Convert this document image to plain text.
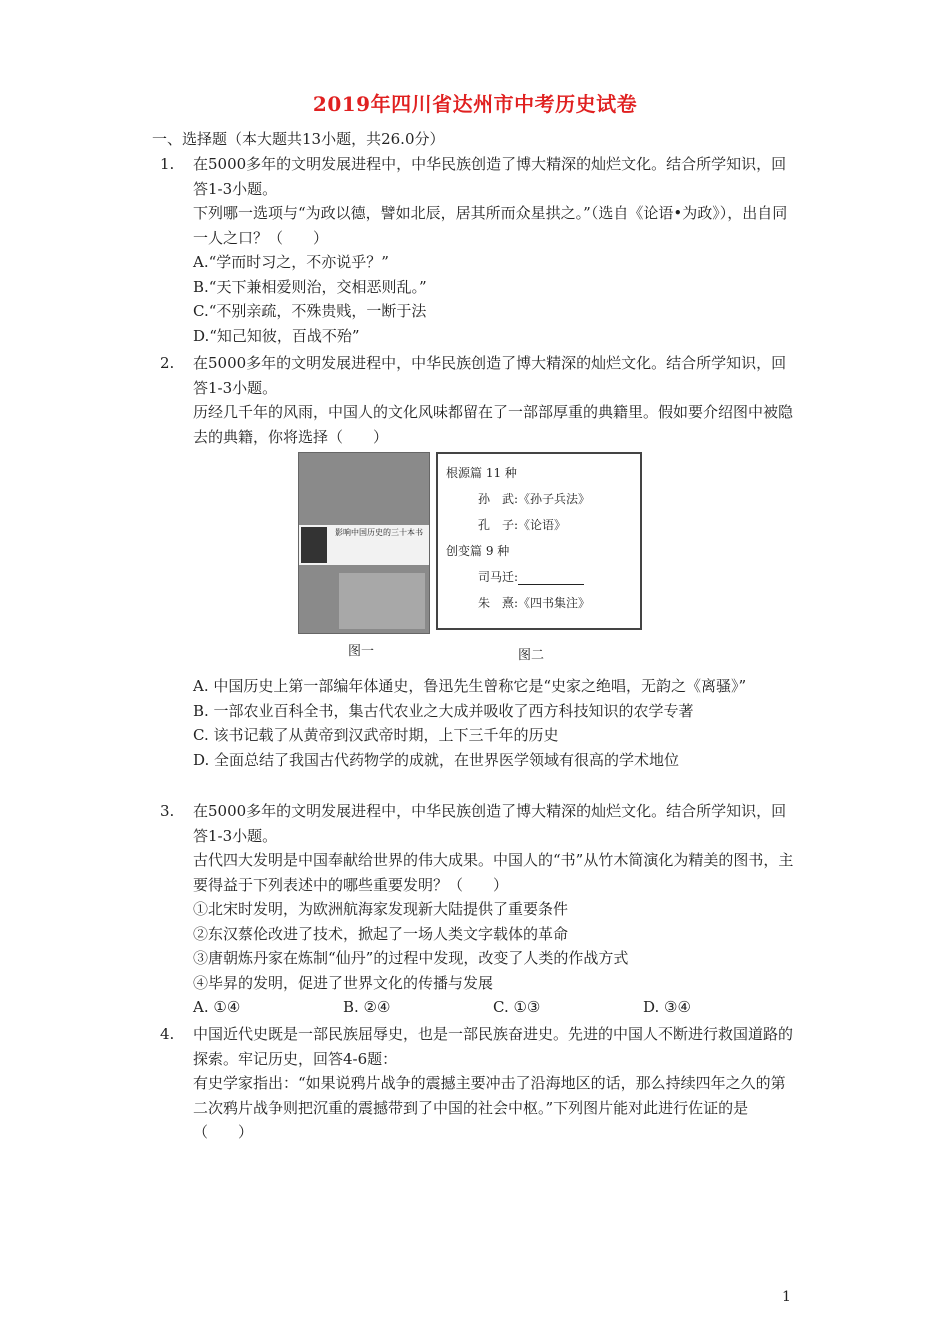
2019年四川省达州市中考历史试卷
一、选择题（本大题共13小题，共26.0分）
1.	在5000多年的文明发展进程中，中华民族创造了博大精深的灿烂文化。结合所学知识，回答1-3小题。
下列哪一选项与“为政以德，譬如北辰，居其所而众星拱之。”（选自《论语•为政》），出自同一人之口？（　　）
A.“学而时习之，不亦说乎？”
B.“天下兼相爱则治，交相恶则乱。”
C.“不别亲疏，不殊贵贱，一断于法
D.“知己知彼，百战不殆”
2.	在5000多年的文明发展进程中，中华民族创造了博大精深的灿烂文化。结合所学知识，回答1-3小题。
历经几千年的风雨，中国人的文化风味都留在了一部部厚重的典籍里。假如要介绍图中被隐去的典籍，你将选择（　　）
影响中国历史的三十本书
图一
根源篇 11 种
孙　武:《孙子兵法》
孔　子:《论语》
创变篇 9 种
司马迁:
朱　熹:《四书集注》
图二
A. 中国历史上第一部编年体通史，鲁迅先生曾称它是“史家之绝唱，无韵之《离骚》”
B. 一部农业百科全书，集古代农业之大成并吸收了西方科技知识的农学专著
C. 该书记载了从黄帝到汉武帝时期，上下三千年的历史
D. 全面总结了我国古代药物学的成就，在世界医学领域有很高的学术地位
3.	在5000多年的文明发展进程中，中华民族创造了博大精深的灿烂文化。结合所学知识，回答1-3小题。
古代四大发明是中国奉献给世界的伟大成果。中国人的“书”从竹木简演化为精美的图书，主要得益于下列表述中的哪些重要发明？（　　）
①北宋时发明，为欧洲航海家发现新大陆提供了重要条件
②东汉蔡伦改进了技术，掀起了一场人类文字载体的革命
③唐朝炼丹家在炼制“仙丹”的过程中发现，改变了人类的作战方式
④毕昇的发明，促进了世界文化的传播与发展
A. ①④	B. ②④	C. ①③	D. ③④
4.	中国近代史既是一部民族屈辱史，也是一部民族奋进史。先进的中国人不断进行救国道路的探索。牢记历史，回答4-6题：
有史学家指出：“如果说鸦片战争的震撼主要冲击了沿海地区的话，那么持续四年之久的第二次鸦片战争则把沉重的震撼带到了中国的社会中枢。”下列图片能对此进行佐证的是（　　）
1
